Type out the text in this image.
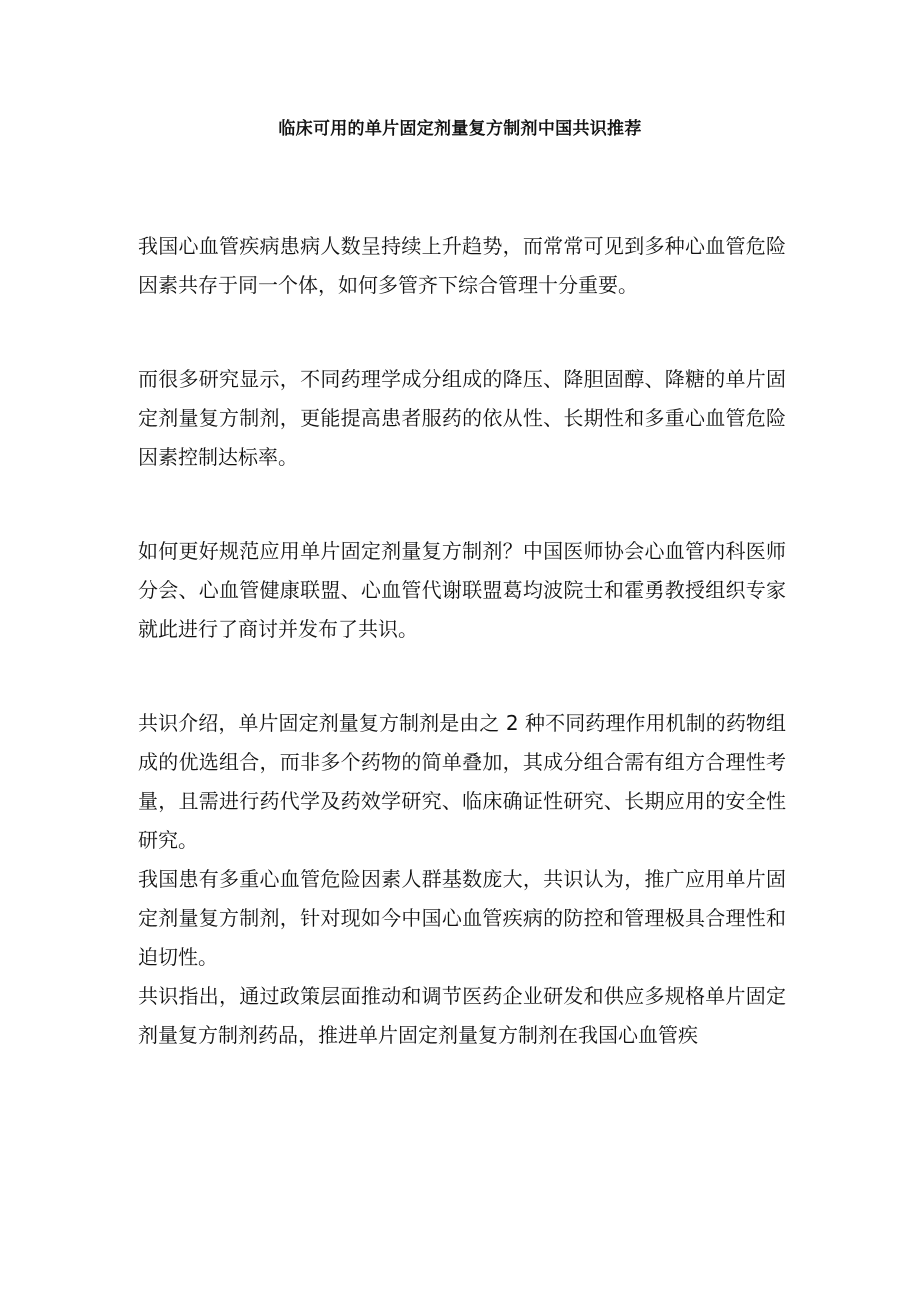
临床可用的单片固定剂量复方制剂中国共识推荐

我国心血管疾病患病人数呈持续上升趋势，而常常可见到多种心血管危险因素共存于同一个体，如何多管齐下综合管理十分重要。

而很多研究显示，不同药理学成分组成的降压、降胆固醇、降糖的单片固定剂量复方制剂，更能提高患者服药的依从性、长期性和多重心血管危险因素控制达标率。

如何更好规范应用单片固定剂量复方制剂？中国医师协会心血管内科医师分会、心血管健康联盟、心血管代谢联盟葛均波院士和霍勇教授组织专家就此进行了商讨并发布了共识。

共识介绍，单片固定剂量复方制剂是由之 2 种不同药理作用机制的药物组成的优选组合，而非多个药物的简单叠加，其成分组合需有组方合理性考量，且需进行药代学及药效学研究、临床确证性研究、长期应用的安全性研究。

我国患有多重心血管危险因素人群基数庞大，共识认为，推广应用单片固定剂量复方制剂，针对现如今中国心血管疾病的防控和管理极具合理性和迫切性。

共识指出，通过政策层面推动和调节医药企业研发和供应多规格单片固定剂量复方制剂药品，推进单片固定剂量复方制剂在我国心血管疾
